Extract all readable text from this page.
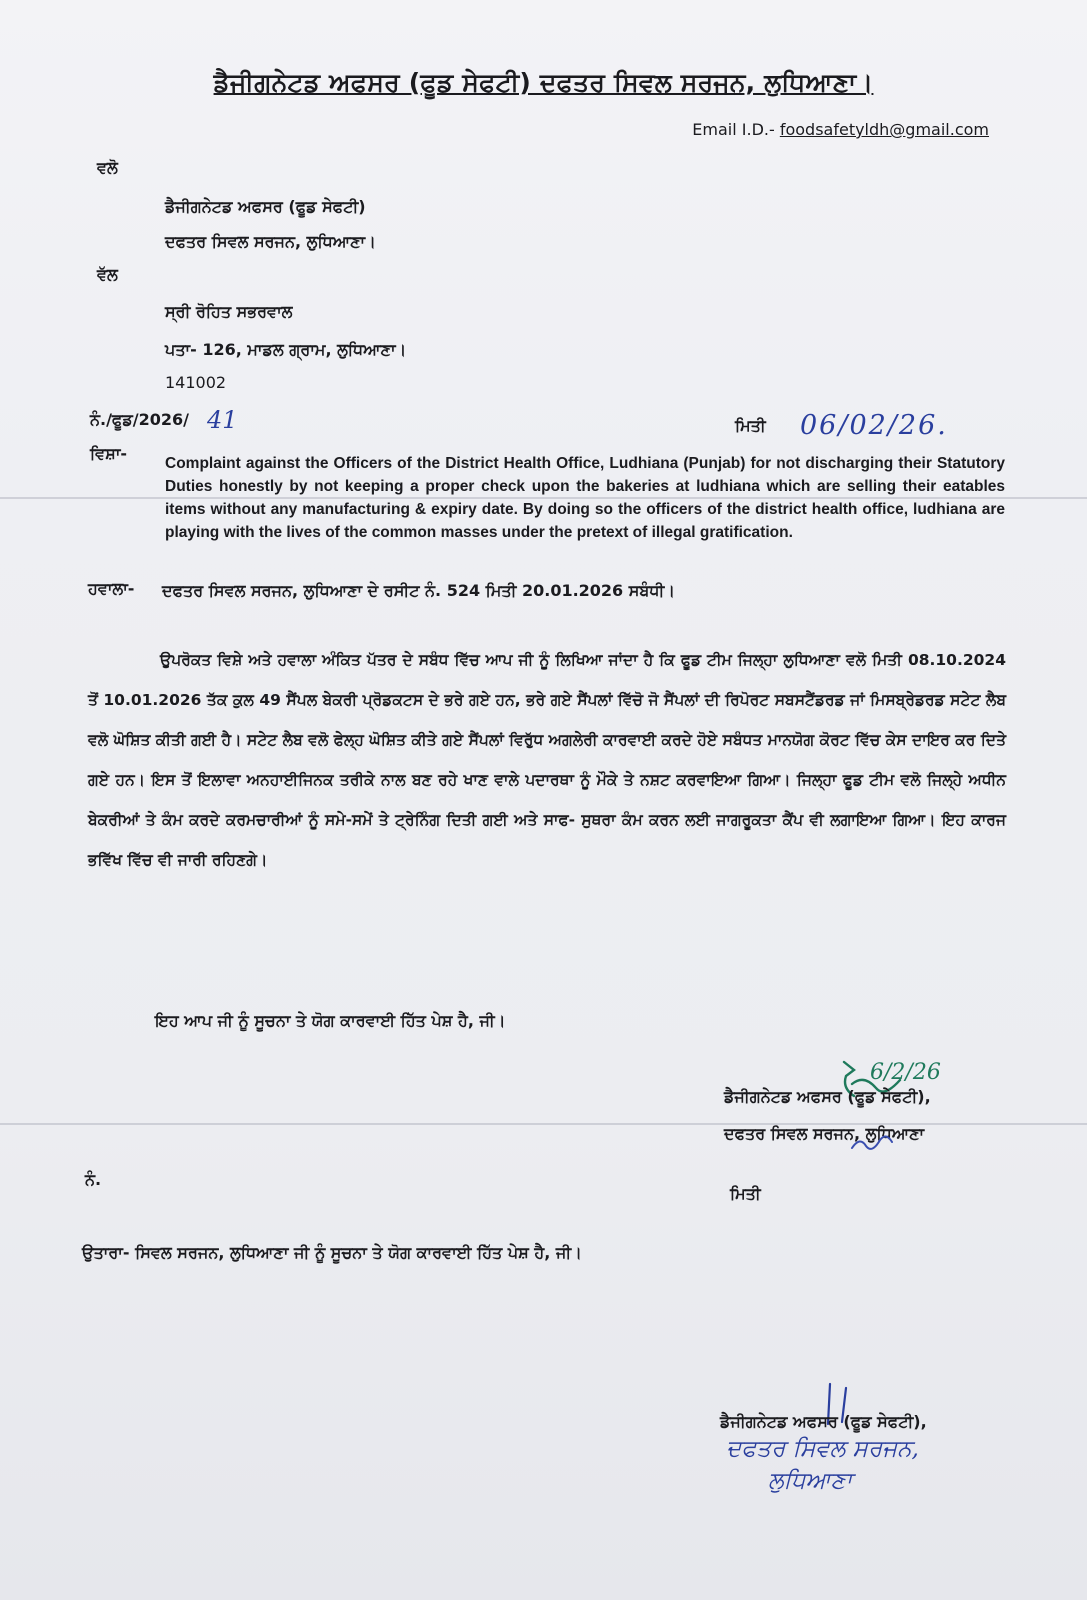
ਡੈਜੀਗਨੇਟਡ ਅਫਸਰ (ਫੂਡ ਸੇਫਟੀ) ਦਫਤਰ ਸਿਵਲ ਸਰਜਨ, ਲੁਧਿਆਣਾ।
Email I.D.- foodsafetyldh@gmail.com
ਵਲੋ
ਡੈਜੀਗਨੇਟਡ ਅਫਸਰ (ਫੂਡ ਸੇਫਟੀ)
ਦਫਤਰ ਸਿਵਲ ਸਰਜਨ, ਲੁਧਿਆਣਾ।
ਵੱਲ
ਸ੍ਰੀ ਰੋਹਿਤ ਸਭਰਵਾਲ
ਪਤਾ- 126, ਮਾਡਲ ਗ੍ਰਾਮ, ਲੁਧਿਆਣਾ।
141002
ਨੰ./ਫੂਡ/2026/ 41	ਮਿਤੀ 06/02/26.
ਵਿਸ਼ਾ-
Complaint against the Officers of the District Health Office, Ludhiana (Punjab) for not discharging their Statutory Duties honestly by not keeping a proper check upon the bakeries at ludhiana which are selling their eatables items without any manufacturing & expiry date. By doing so the officers of the district health office, ludhiana are playing with the lives of the common masses under the pretext of illegal gratification.
ਹਵਾਲਾ- ਦਫਤਰ ਸਿਵਲ ਸਰਜਨ, ਲੁਧਿਆਣਾ ਦੇ ਰਸੀਟ ਨੰ. 524 ਮਿਤੀ 20.01.2026 ਸਬੰਧੀ।
ਉਪਰੋਕਤ ਵਿਸ਼ੇ ਅਤੇ ਹਵਾਲਾ ਅੰਕਿਤ ਪੱਤਰ ਦੇ ਸਬੰਧ ਵਿੱਚ ਆਪ ਜੀ ਨੂੰ ਲਿਖਿਆ ਜਾਂਦਾ ਹੈ ਕਿ ਫੂਡ ਟੀਮ ਜਿਲ੍ਹਾ ਲੁਧਿਆਣਾ ਵਲੋ ਮਿਤੀ 08.10.2024 ਤੋਂ 10.01.2026 ਤੱਕ ਕੁਲ 49 ਸੈਂਪਲ ਬੇਕਰੀ ਪ੍ਰੋਡਕਟਸ ਦੇ ਭਰੇ ਗਏ ਹਨ, ਭਰੇ ਗਏ ਸੈਂਪਲਾਂ ਵਿੱਚੋ ਜੋ ਸੈਂਪਲਾਂ ਦੀ ਰਿਪੋਰਟ ਸਬਸਟੈਂਡਰਡ ਜਾਂ ਮਿਸਬ੍ਰੇਡਰਡ ਸਟੇਟ ਲੈਬ ਵਲੋ ਘੋਸ਼ਿਤ ਕੀਤੀ ਗਈ ਹੈ। ਸਟੇਟ ਲੈਬ ਵਲੋ ਫੇਲ੍ਹ ਘੋਸ਼ਿਤ ਕੀਤੇ ਗਏ ਸੈਂਪਲਾਂ ਵਿਰੁੱਧ ਅਗਲੇਰੀ ਕਾਰਵਾਈ ਕਰਦੇ ਹੋਏ ਸਬੰਧਤ ਮਾਨਯੋਗ ਕੋਰਟ ਵਿੱਚ ਕੇਸ ਦਾਇਰ ਕਰ ਦਿਤੇ ਗਏ ਹਨ। ਇਸ ਤੋਂ ਇਲਾਵਾ ਅਨਹਾਈਜਿਨਕ ਤਰੀਕੇ ਨਾਲ ਬਣ ਰਹੇ ਖਾਣ ਵਾਲੇ ਪਦਾਰਥਾ ਨੂੰ ਮੌਕੇ ਤੇ ਨਸ਼ਟ ਕਰਵਾਇਆ ਗਿਆ। ਜਿਲ੍ਹਾ ਫੂਡ ਟੀਮ ਵਲੋ ਜਿਲ੍ਹੇ ਅਧੀਨ ਬੇਕਰੀਆਂ ਤੇ ਕੰਮ ਕਰਦੇ ਕਰਮਚਾਰੀਆਂ ਨੂੰ ਸਮੇ-ਸਮੇਂ ਤੇ ਟ੍ਰੇਨਿੰਗ ਦਿਤੀ ਗਈ ਅਤੇ ਸਾਫ- ਸੁਥਰਾ ਕੰਮ ਕਰਨ ਲਈ ਜਾਗਰੂਕਤਾ ਕੈਂਪ ਵੀ ਲਗਾਇਆ ਗਿਆ। ਇਹ ਕਾਰਜ ਭਵਿੱਖ ਵਿੱਚ ਵੀ ਜਾਰੀ ਰਹਿਣਗੇ।
ਇਹ ਆਪ ਜੀ ਨੂੰ ਸੂਚਨਾ ਤੇ ਯੋਗ ਕਾਰਵਾਈ ਹਿੱਤ ਪੇਸ਼ ਹੈ, ਜੀ।
6/2/26
ਡੈਜੀਗਨੇਟਡ ਅਫਸਰ (ਫੂਡ ਸੇਫਟੀ),
ਦਫਤਰ ਸਿਵਲ ਸਰਜਨ, ਲੁਧਿਆਣਾ
ਨੰ.
ਮਿਤੀ
ਉਤਾਰਾ- ਸਿਵਲ ਸਰਜਨ, ਲੁਧਿਆਣਾ ਜੀ ਨੂੰ ਸੂਚਨਾ ਤੇ ਯੋਗ ਕਾਰਵਾਈ ਹਿੱਤ ਪੇਸ਼ ਹੈ, ਜੀ।
ਡੈਜੀਗਨੇਟਡ ਅਫਸਰ (ਫੂਡ ਸੇਫਟੀ),
ਦਫਤਰ ਸਿਵਲ ਸਰਜਨ,
ਲੁਧਿਆਣਾ
